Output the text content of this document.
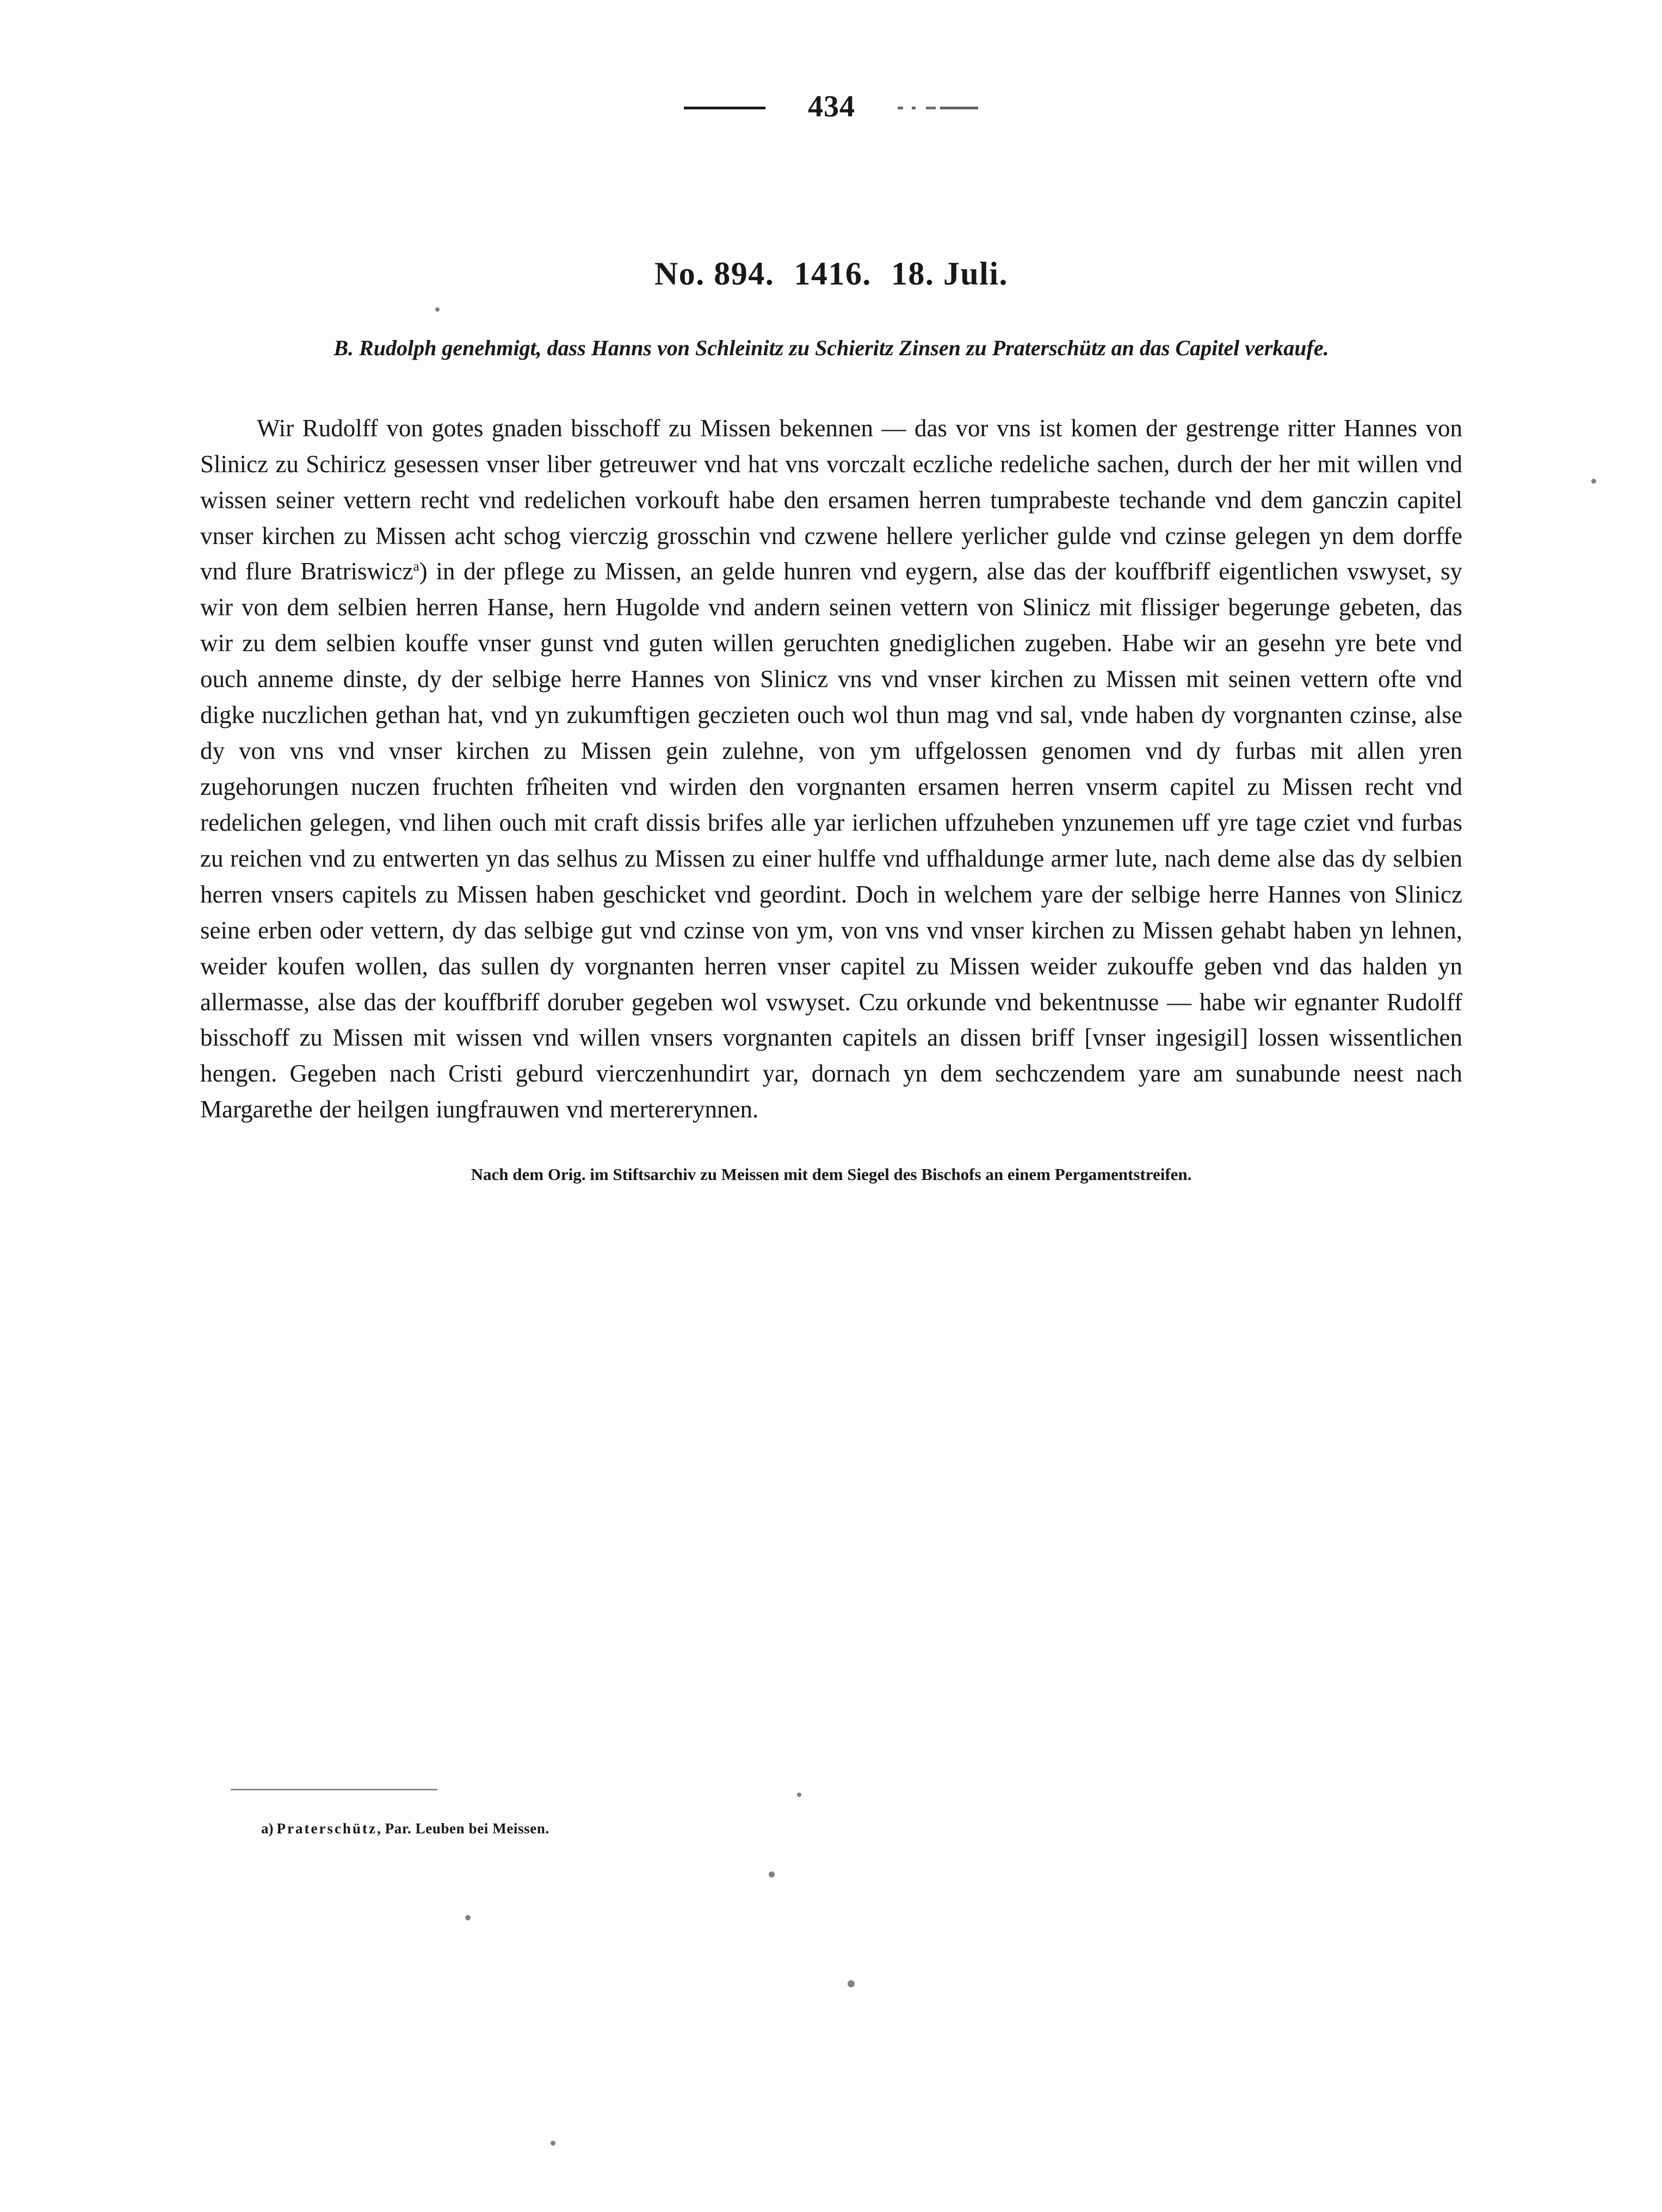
434
No. 894. 1416. 18. Juli.

B. Rudolph genehmigt, dass Hanns von Schleinitz zu Schieritz Zinsen zu Praterschütz an das Capitel verkaufe.

Wir Rudolff von gotes gnaden bisschoff zu Missen bekennen — das vor vns ist komen der gestrenge ritter Hannes von Slinicz zu Schiricz gesessen vnser liber getreuwer vnd hat vns vorczalt eczliche redeliche sachen, durch der her mit willen vnd wissen seiner vettern recht vnd redelichen vorkouft habe den ersamen herren tumprabeste techande vnd dem ganczin capitel vnser kirchen zu Missen acht schog vierczig grosschin vnd czwene hellere yerlicher gulde vnd czinse gelegen yn dem dorffe vnd flure Bratriswicz$^a$) in der pflege zu Missen, an gelde hunren vnd eygern, alse das der kouffbriff eigentlichen vswyset, sy wir von dem selbien herren Hanse, hern Hugolde vnd andern seinen vettern von Slinicz mit flissiger begerunge gebeten, das wir zu dem selbien kouffe vnser gunst vnd guten willen geruchten gnediglichen zugeben. Habe wir an gesehn yre bete vnd ouch anneme dinste, dy der selbige herre Hannes von Slinicz vns vnd vnser kirchen zu Missen mit seinen vettern ofte vnd digke nuczlichen gethan hat, vnd yn zukumftigen geczieten ouch wol thun mag vnd sal, vnde haben dy vorgnanten czinse, alse dy von vns vnd vnser kirchen zu Missen gein zulehne, von ym uffgelossen genomen vnd dy furbas mit allen yren zugehorungen nuczen fruchten frîheiten vnd wirden den vorgnanten ersamen herren vnserm capitel zu Missen recht vnd redelichen gelegen, vnd lihen ouch mit craft dissis brifes alle yar ierlichen uffzuheben ynzunemen uff yre tage cziet vnd furbas zu reichen vnd zu entwerten yn das selhus zu Missen zu einer hulffe vnd uffhaldunge armer lute, nach deme alse das dy selbien herren vnsers capitels zu Missen haben geschicket vnd geordint. Doch in welchem yare der selbige herre Hannes von Slinicz seine erben oder vettern, dy das selbige gut vnd czinse von ym, von vns vnd vnser kirchen zu Missen gehabt haben yn lehnen, weider koufen wollen, das sullen dy vorgnanten herren vnser capitel zu Missen weider zukouffe geben vnd das halden yn allermasse, alse das der kouffbriff doruber gegeben wol vswyset. Czu orkunde vnd bekentnusse — habe wir egnanter Rudolff bisschoff zu Missen mit wissen vnd willen vnsers vorgnanten capitels an dissen briff [vnser ingesigil] lossen wissentlichen hengen. Gegeben nach Cristi geburd vierczenhundirt yar, dornach yn dem sechczendem yare am sunabunde neest nach Margarethe der heilgen iungfrauwen vnd mertererynnen.

Nach dem Orig. im Stiftsarchiv zu Meissen mit dem Siegel des Bischofs an einem Pergamentstreifen.

a) Praterschütz, Par. Leuben bei Meissen.
